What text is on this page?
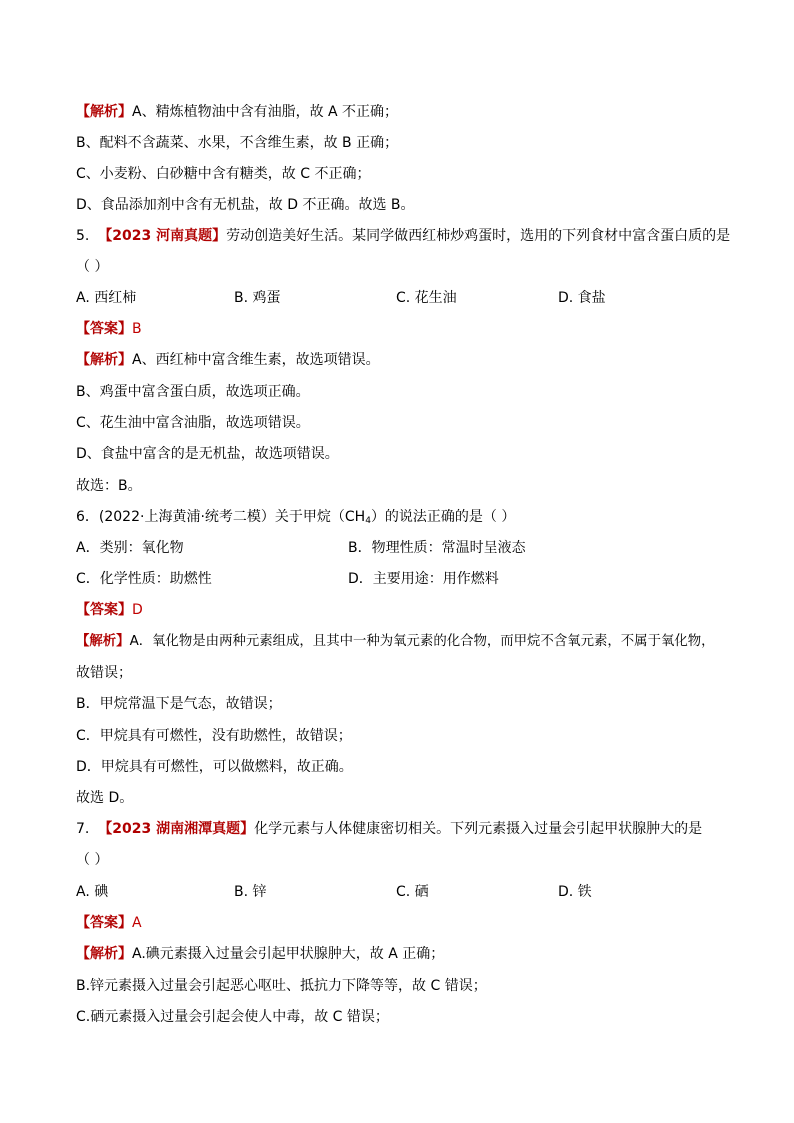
【解析】A、精炼植物油中含有油脂，故 A 不正确；
B、配料不含蔬菜、水果，不含维生素，故 B 正确；
C、小麦粉、白砂糖中含有糖类，故 C 不正确；
D、食品添加剂中含有无机盐，故 D 不正确。故选 B。
5. 【2023 河南真题】劳动创造美好生活。某同学做西红柿炒鸡蛋时，选用的下列食材中富含蛋白质的是
（ ）
A. 西红柿	B. 鸡蛋	C. 花生油	D. 食盐
【答案】B
【解析】A、西红柿中富含维生素，故选项错误。
B、鸡蛋中富含蛋白质，故选项正确。
C、花生油中富含油脂，故选项错误。
D、食盐中富含的是无机盐，故选项错误。
故选：B。
6．(2022·上海黄浦·统考二模）关于甲烷$(CH_4)$的说法正确的是（ ）
A．类别：氧化物	B．物理性质：常温时呈液态
C．化学性质：助燃性	D．主要用途：用作燃料
【答案】D
【解析】A．氧化物是由两种元素组成，且其中一种为氧元素的化合物，而甲烷不含氧元素，不属于氧化物，
故错误；
B．甲烷常温下是气态，故错误；
C．甲烷具有可燃性，没有助燃性，故错误；
D．甲烷具有可燃性，可以做燃料，故正确。
故选 D。
7. 【2023 湖南湘潭真题】化学元素与人体健康密切相关。下列元素摄入过量会引起甲状腺肿大的是
（ ）
A. 碘	B. 锌	C. 硒	D. 铁
【答案】A
【解析】A.碘元素摄入过量会引起甲状腺肿大，故 A 正确；
B.锌元素摄入过量会引起恶心呕吐、抵抗力下降等等，故 C 错误；
C.硒元素摄入过量会引起会使人中毒，故 C 错误；
